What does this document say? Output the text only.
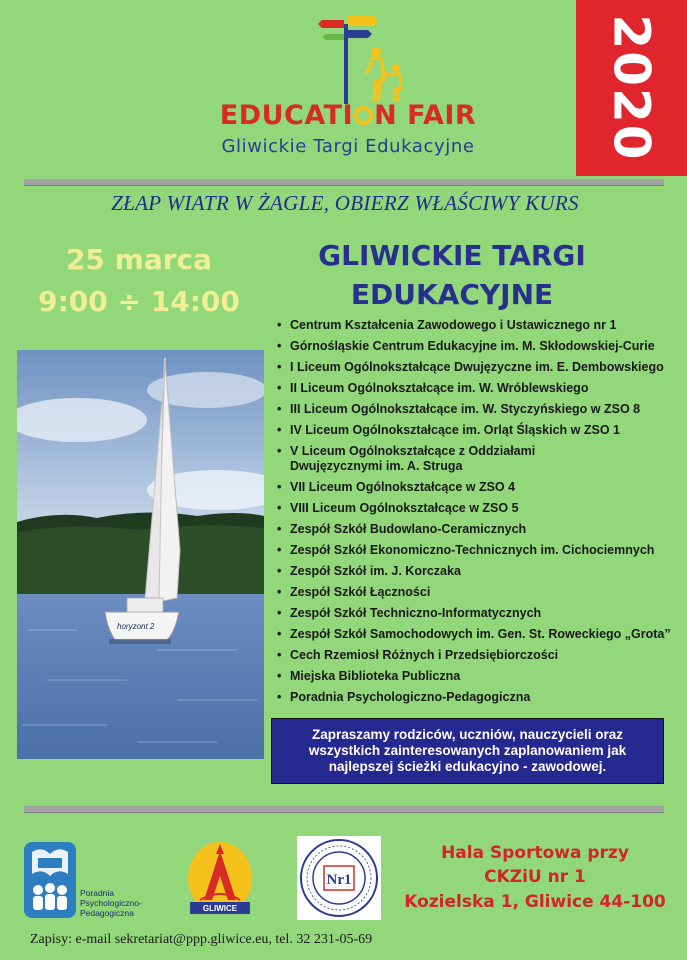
2020
EDUCATI N FAIR
Gliwickie Targi Edukacyjne
ZŁAP WIATR W ŻAGLE, OBIERZ WŁAŚCIWY KURS
25 marca
9:00 ÷ 14:00
GLIWICKIE TARGI
EDUKACYJNE
• Centrum Kształcenia Zawodowego i Ustawicznego nr 1
• Górnośląskie Centrum Edukacyjne im. M. Skłodowskiej-Curie
• I Liceum Ogólnokształcące Dwujęzyczne im. E. Dembowskiego
• II Liceum Ogólnokształcące im. W. Wróblewskiego
• III Liceum Ogólnokształcące im. W. Styczyńskiego w ZSO 8
• IV Liceum Ogólnokształcące im. Orląt Śląskich w ZSO 1
• V Liceum Ogólnokształcące z Oddziałami Dwujęzycznymi im. A. Struga
• VII Liceum Ogólnokształcące w ZSO 4
• VIII Liceum Ogólnokształcące w ZSO 5
• Zespół Szkół Budowlano-Ceramicznych
• Zespół Szkół Ekonomiczno-Technicznych im. Cichociemnych
• Zespół Szkół im. J. Korczaka
• Zespół Szkół Łączności
• Zespół Szkół Techniczno-Informatycznych
• Zespół Szkół Samochodowych im. Gen. St. Roweckiego „Grota”
• Cech Rzemiosł Różnych i Przedsiębiorczości
• Miejska Biblioteka Publiczna
• Poradnia Psychologiczno-Pedagogiczna
horyzont 2
Zapraszamy rodziców, uczniów, nauczycieli oraz wszystkich zainteresowanych zaplanowaniem jak najlepszej ścieżki edukacyjno - zawodowej.
Poradnia
Psychologiczno-
Pedagogiczna	GLIWICE
Nr1
Hala Sportowa przy
CKZiU nr 1
Kozielska 1, Gliwice 44-100
Zapisy: e-mail sekretariat@ppp.gliwice.eu, tel. 32 231-05-69
